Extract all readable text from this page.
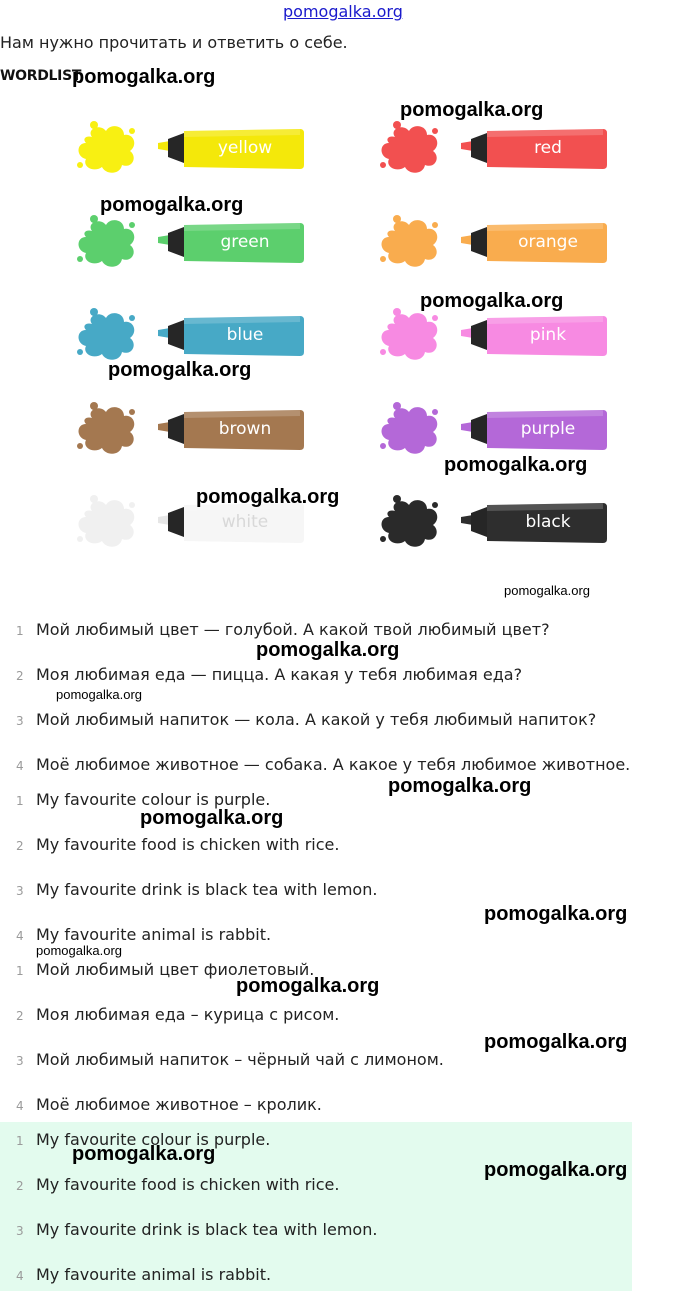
pomogalka.org
Нам нужно прочитать и ответить о себе.
WORDLIST
yellow	red
green	orange
blue	pink
brown	purple
white	black
1 Мой любимый цвет — голубой. А какой твой любимый цвет?
2 Моя любимая еда — пицца. А какая у тебя любимая еда?
3 Мой любимый напиток — кола. А какой у тебя любимый напиток?
4 Моё любимое животное — собака. А какое у тебя любимое животное.
1 My favourite colour is purple.
2 My favourite food is chicken with rice.
3 My favourite drink is black tea with lemon.
4 My favourite animal is rabbit.
1 Мой любимый цвет фиолетовый.
2 Моя любимая еда – курица с рисом.
3 Мой любимый напиток – чёрный чай с лимоном.
4 Моё любимое животное – кролик.
1 My favourite colour is purple.
2 My favourite food is chicken with rice.
3 My favourite drink is black tea with lemon.
4 My favourite animal is rabbit.
pomogalka.org
pomogalka.org
pomogalka.org
pomogalka.org
pomogalka.org
pomogalka.org
pomogalka.org
pomogalka.org
pomogalka.org
pomogalka.org
pomogalka.org
pomogalka.org
pomogalka.org
pomogalka.org
pomogalka.org
pomogalka.org
pomogalka.org
pomogalka.org
